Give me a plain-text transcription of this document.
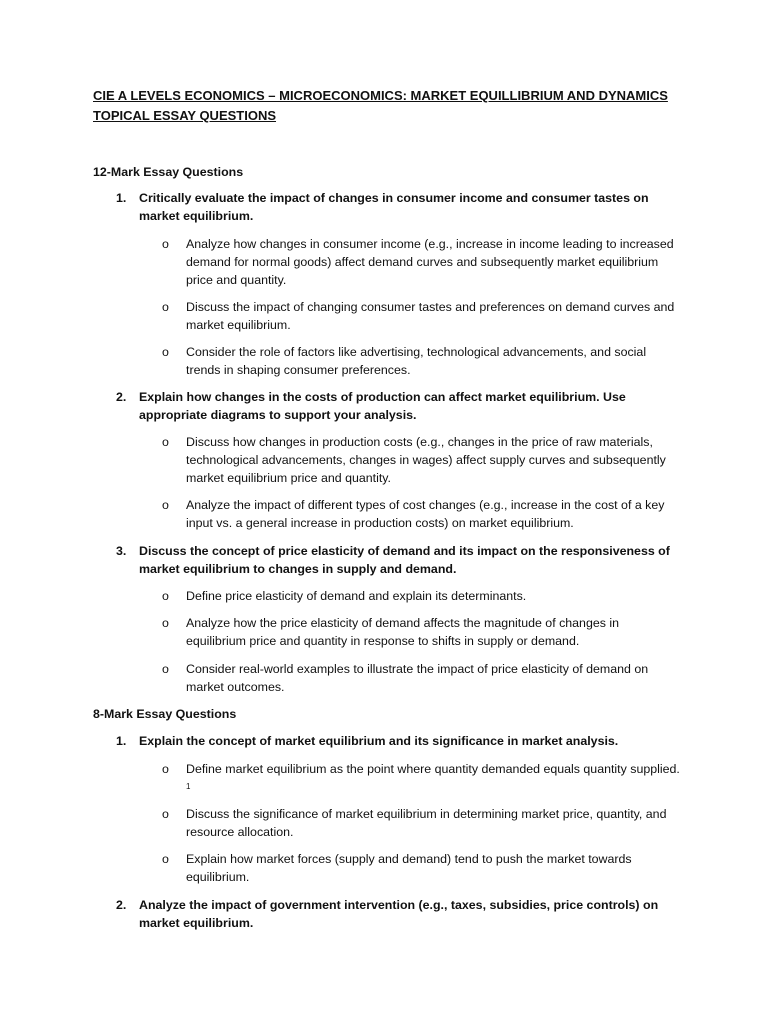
CIE A LEVELS ECONOMICS – MICROECONOMICS: MARKET EQUILLIBRIUM AND DYNAMICS TOPICAL ESSAY QUESTIONS
12-Mark Essay Questions
1. Critically evaluate the impact of changes in consumer income and consumer tastes on market equilibrium.
o Analyze how changes in consumer income (e.g., increase in income leading to increased demand for normal goods) affect demand curves and subsequently market equilibrium price and quantity.
o Discuss the impact of changing consumer tastes and preferences on demand curves and market equilibrium.
o Consider the role of factors like advertising, technological advancements, and social trends in shaping consumer preferences.
2. Explain how changes in the costs of production can affect market equilibrium. Use appropriate diagrams to support your analysis.
o Discuss how changes in production costs (e.g., changes in the price of raw materials, technological advancements, changes in wages) affect supply curves and subsequently market equilibrium price and quantity.
o Analyze the impact of different types of cost changes (e.g., increase in the cost of a key input vs. a general increase in production costs) on market equilibrium.
3. Discuss the concept of price elasticity of demand and its impact on the responsiveness of market equilibrium to changes in supply and demand.
o Define price elasticity of demand and explain its determinants.
o Analyze how the price elasticity of demand affects the magnitude of changes in equilibrium price and quantity in response to shifts in supply or demand.
o Consider real-world examples to illustrate the impact of price elasticity of demand on market outcomes.
8-Mark Essay Questions
1. Explain the concept of market equilibrium and its significance in market analysis.
o Define market equilibrium as the point where quantity demanded equals quantity supplied. $^1$
o Discuss the significance of market equilibrium in determining market price, quantity, and resource allocation.
o Explain how market forces (supply and demand) tend to push the market towards equilibrium.
2. Analyze the impact of government intervention (e.g., taxes, subsidies, price controls) on market equilibrium.
